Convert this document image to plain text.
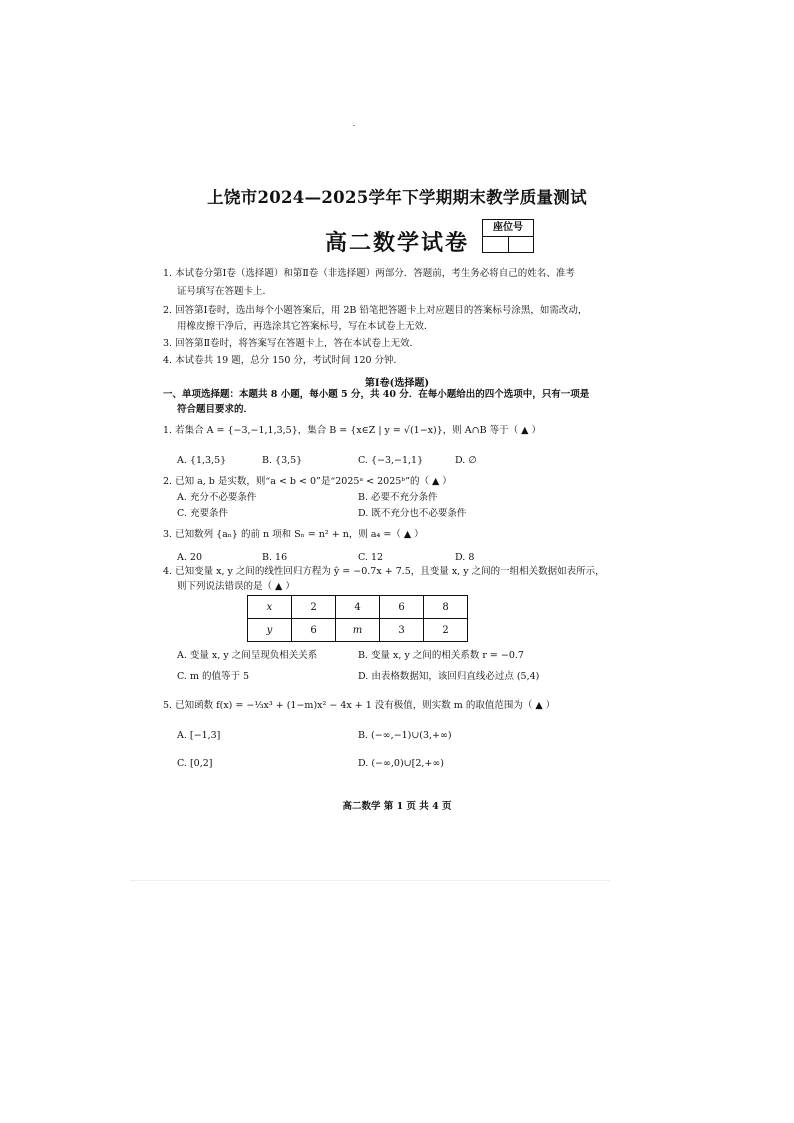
上饶市2024—2025学年下学期期末教学质量测试
高二数学试卷
座位号
1. 本试卷分第Ⅰ卷（选择题）和第Ⅱ卷（非选择题）两部分．答题前，考生务必将自己的姓名、准考
证号填写在答题卡上．
2. 回答第Ⅰ卷时，选出每个小题答案后，用 2B 铅笔把答题卡上对应题目的答案标号涂黑，如需改动，
用橡皮擦干净后，再选涂其它答案标号，写在本试卷上无效．
3. 回答第Ⅱ卷时，将答案写在答题卡上，答在本试卷上无效．
4. 本试卷共 19 题，总分 150 分，考试时间 120 分钟．
第Ⅰ卷(选择题)
一、单项选择题：本题共 8 小题，每小题 5 分，共 40 分．在每小题给出的四个选项中，只有一项是
符合题目要求的．
1. 若集合 A = {−3,−1,1,3,5}，集合 B = {x∈Z | y = √(1−x)}，则 A∩B 等于（ ▲ ）
A. {1,3,5}	B. {3,5}	C. {−3,−1,1}	D. ∅
2. 已知 a, b 是实数，则“a < b < 0”是“2025ᵃ < 2025ᵇ”的（ ▲ ）
A. 充分不必要条件	B. 必要不充分条件
C. 充要条件	D. 既不充分也不必要条件
3. 已知数列 {aₙ} 的前 n 项和 Sₙ = n² + n，则 a₄ =（ ▲ ）
A. 20	B. 16	C. 12	D. 8
4. 已知变量 x, y 之间的线性回归方程为 ŷ = −0.7x + 7.5，且变量 x, y 之间的一组相关数据如表所示，
则下列说法错误的是（ ▲ ）
x	2	4	6	8
y	6	m	3	2
A. 变量 x, y 之间呈现负相关关系	B. 变量 x, y 之间的相关系数 r = −0.7
C. m 的值等于 5	D. 由表格数据知，该回归直线必过点 (5,4)
5. 已知函数 f(x) = −⅓x³ + (1−m)x² − 4x + 1 没有极值，则实数 m 的取值范围为（ ▲ ）
A. [−1,3]	B. (−∞,−1)∪(3,+∞)
C. [0,2]	D. (−∞,0)∪[2,+∞)
高二数学 第 1 页 共 4 页
